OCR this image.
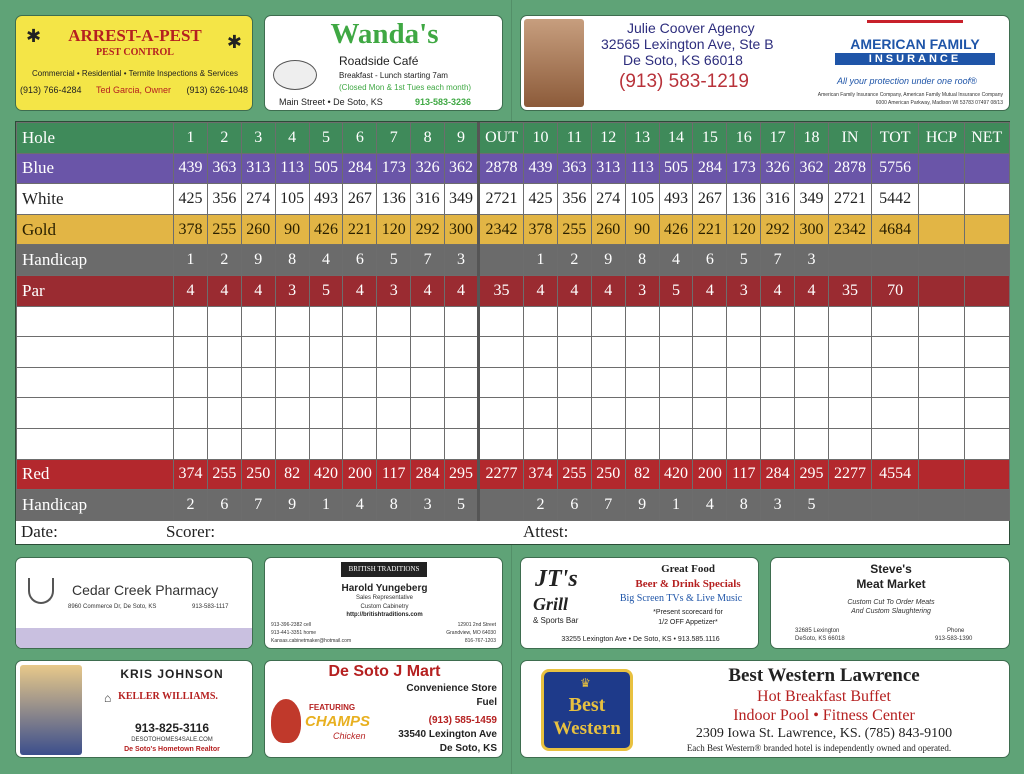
✱	✱
ARREST-A-PEST
PEST CONTROL
Commercial • Residential • Termite Inspections & Services
(913) 766-4284 Ted Garcia, Owner (913) 626-1048
Wanda's
Roadside Café
Breakfast - Lunch starting 7am
(Closed Mon & 1st Tues each month)
Main Street • De Soto, KS	913-583-3236
Julie Coover Agency
32565 Lexington Ave, Ste B
De Soto, KS 66018
(913) 583-1219
AMERICAN FAMILY
INSURANCE
All your protection under one roof®
American Family Insurance Company, American Family Mutual Insurance Company
6000 American Parkway, Madison WI 53783 07497 08/13
Hole	1	2	3	4	5	6	7	8	9	OUT	10	11	12	13	14	15	16	17	18	IN	TOT	HCP	NET
Blue	439	363	313	113	505	284	173	326	362	2878	439	363	313	113	505	284	173	326	362	2878	5756		
White	425	356	274	105	493	267	136	316	349	2721	425	356	274	105	493	267	136	316	349	2721	5442		
Gold	378	255	260	90	426	221	120	292	300	2342	378	255	260	90	426	221	120	292	300	2342	4684		
Handicap	1	2	9	8	4	6	5	7	3		1	2	9	8	4	6	5	7	3				
Par	4	4	4	3	5	4	3	4	4	35	4	4	4	3	5	4	3	4	4	35	70		

Red	374	255	250	82	420	200	117	284	295	2277	374	255	250	82	420	200	117	284	295	2277	4554		
Handicap	2	6	7	9	1	4	8	3	5		2	6	7	9	1	4	8	3	5				
Date:	Scorer:	Attest:
Cedar Creek Pharmacy
8960 Commerce Dr, De Soto, KS	913-583-1117
BRITISH TRADITIONS
Harold Yungeberg
Sales Representative
Custom Cabinetry
http://britishtraditions.com
913-396-2382 cell
913-441-3351 home
Kansas.cabinetmaker@hotmail.com
12901 2nd Street
Grandview, MO 64030
816-767-1203
JT's
Grill
& Sports Bar
Great Food
Beer & Drink Specials
Big Screen TVs & Live Music
*Present scorecard for
1/2 OFF Appetizer*
33255 Lexington Ave • De Soto, KS • 913.585.1116
Steve's
Meat Market
Custom Cut To Order Meats
And Custom Slaughtering
32685 Lexington
DeSoto, KS 66018
Phone
913-583-1390
KRIS JOHNSON
⌂ KELLER WILLIAMS.
913-825-3116
DESOTOHOMES4SALE.COM
De Soto's Hometown Realtor
De Soto J Mart
FEATURING
CHAMPS
Chicken
Convenience Store
Fuel
(913) 585-1459
33540 Lexington Ave
De Soto, KS
♛
Best
Western
Best Western Lawrence
Hot Breakfast Buffet
Indoor Pool • Fitness Center
2309 Iowa St. Lawrence, KS. (785) 843-9100
Each Best Western® branded hotel is independently owned and operated.
